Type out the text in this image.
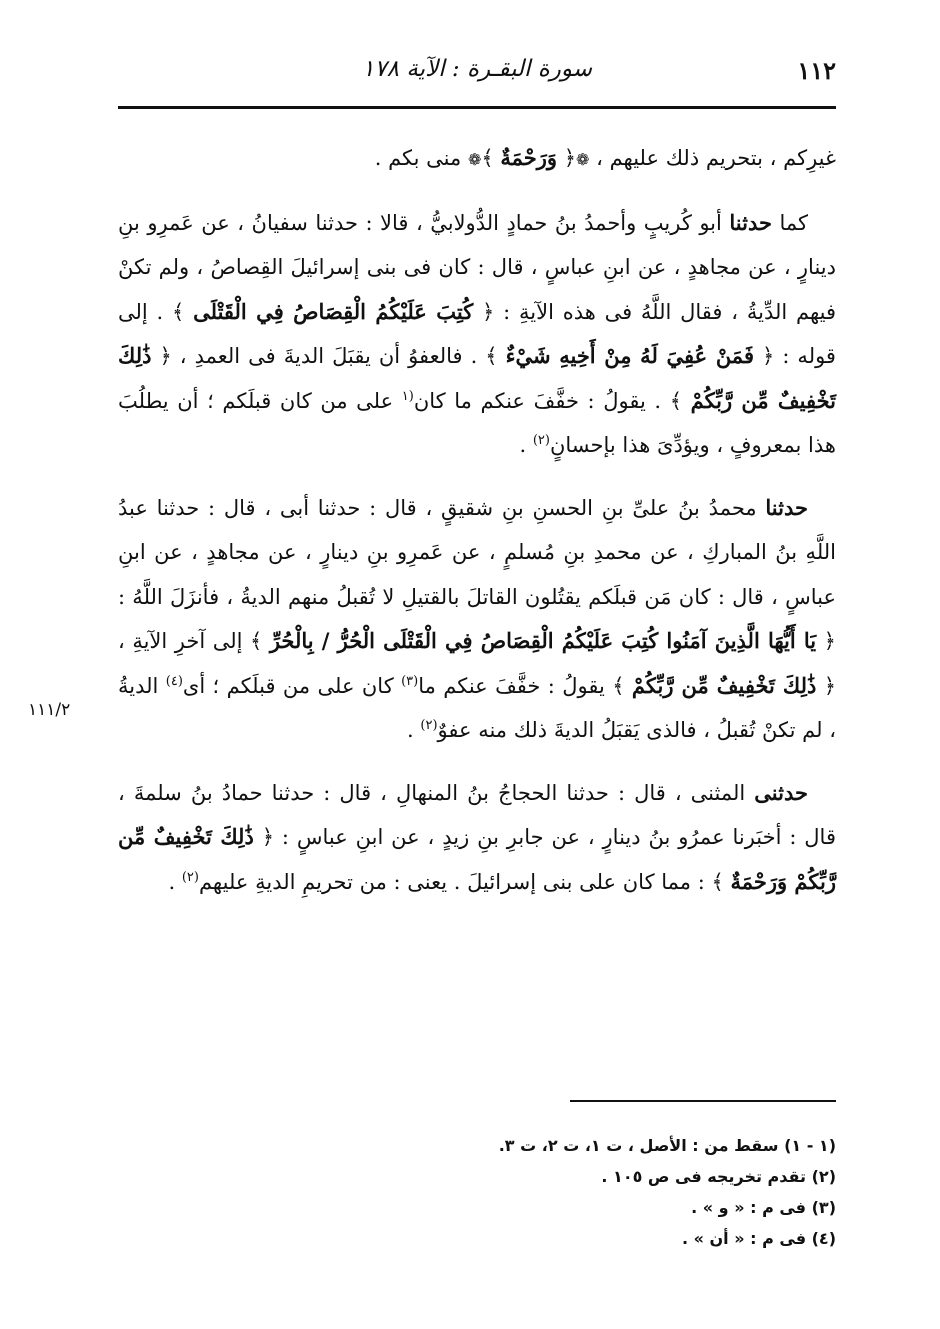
١١٢
سورة البقـرة : الآية ١٧٨
١١١/٢

غيرِكم ، بتحريم ذلك عليهم ، ❁﴿ وَرَحْمَةٌ ﴾❁ منى بكم .

كما حدثنا أبو كُريبٍ وأحمدُ بنُ حمادٍ الدُّولابيُّ ، قالا : حدثنا سفيانُ ، عن عَمرِو بنِ دينارٍ ، عن مجاهدٍ ، عن ابنِ عباسٍ ، قال : كان فى بنى إسرائيلَ القِصاصُ ، ولم تكنْ فيهم الدِّيةُ ، فقال اللَّهُ فى هذه الآيةِ : ﴿ كُتِبَ عَلَيْكُمُ الْقِصَاصُ فِي الْقَتْلَى ﴾ . إلى قوله : ﴿ فَمَنْ عُفِيَ لَهُ مِنْ أَخِيهِ شَيْءٌ ﴾ . فالعفوُ أن يقبَلَ الديةَ فى العمدِ ، ﴿ ذَٰلِكَ تَخْفِيفٌ مِّن رَّبِّكُمْ ﴾ . يقولُ : خفَّفَ عنكم ما كان$^{(١}$ على من كان قبلَكم ؛ أن يطلُبَ هذا بمعروفٍ ، ويؤدِّىَ هذا بإحسانٍ$^{(٢)}$ .

حدثنا محمدُ بنُ علىِّ بنِ الحسنِ بنِ شقيقٍ ، قال : حدثنا أبى ، قال : حدثنا عبدُ اللَّهِ بنُ المباركِ ، عن محمدِ بنِ مُسلمٍ ، عن عَمرِو بنِ دينارٍ ، عن مجاهدٍ ، عن ابنِ عباسٍ ، قال : كان مَن قبلَكم يقتُلون القاتلَ بالقتيلِ لا تُقبلُ منهم الديةُ ، فأنزَلَ اللَّهُ : ﴿ يَا أَيُّهَا الَّذِينَ آمَنُوا كُتِبَ عَلَيْكُمُ الْقِصَاصُ فِي الْقَتْلَى الْحُرُّ / بِالْحُرِّ ﴾ إلى آخرِ الآيةِ ، ﴿ ذَٰلِكَ تَخْفِيفٌ مِّن رَّبِّكُمْ ﴾ يقولُ : خفَّفَ عنكم ما$^{(٣)}$ كان على من قبلَكم ؛ أى$^{(٤)}$ الديةُ ، لم تكنْ تُقبلُ ، فالذى يَقبَلُ الديةَ ذلك منه عفوٌ$^{(٢)}$ .

حدثنى المثنى ، قال : حدثنا الحجاجُ بنُ المنهالِ ، قال : حدثنا حمادُ بنُ سلمةَ ، قال : أخبَرنا عمرُو بنُ دينارٍ ، عن جابرِ بنِ زيدٍ ، عن ابنِ عباسٍ : ﴿ ذَٰلِكَ تَخْفِيفٌ مِّن رَّبِّكُمْ وَرَحْمَةٌ ﴾ : مما كان على بنى إسرائيلَ . يعنى : من تحريمِ الديةِ عليهم$^{(٢)}$ .

(١ - ١) سقط من : الأصل ، ت ١، ت ٢، ت ٣.
(٢) تقدم تخريجه فى ص ١٠٥ .
(٣) فى م : « و » .
(٤) فى م : « أن » .
